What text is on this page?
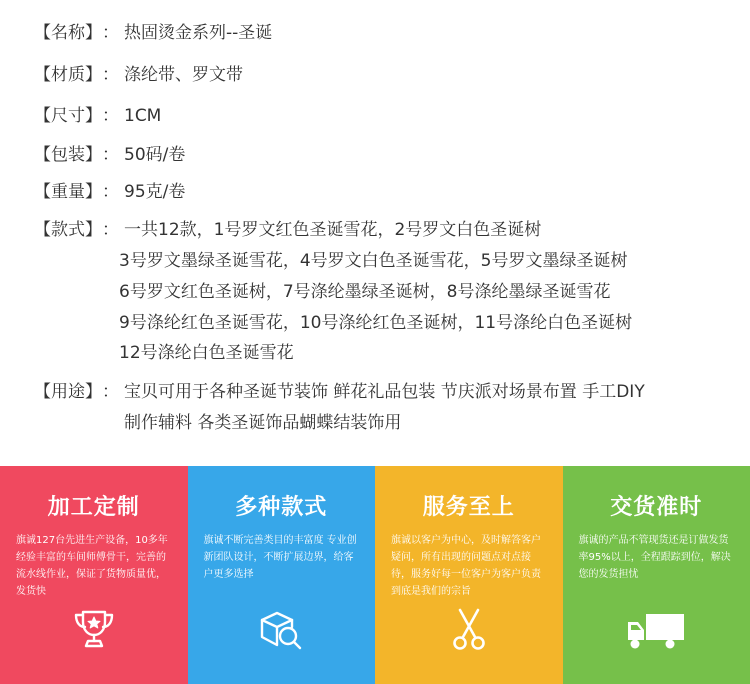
【名称】 ： 热固烫金系列--圣诞
【材质】 ： 涤纶带、罗文带
【尺寸】 ： 1CM
【包装】 ： 50码/卷
【重量】 ： 95克/卷
【款式】 ： 一共12款，1号罗文红色圣诞雪花，2号罗文白色圣诞树
3号罗文墨绿圣诞雪花，4号罗文白色圣诞雪花，5号罗文墨绿圣诞树
6号罗文红色圣诞树，7号涤纶墨绿圣诞树，8号涤纶墨绿圣诞雪花
9号涤纶红色圣诞雪花，10号涤纶红色圣诞树，11号涤纶白色圣诞树
12号涤纶白色圣诞雪花
【用途】 ： 宝贝可用于各种圣诞节装饰 鲜花礼品包装 节庆派对场景布置 手工DIY
制作辅料 各类圣诞饰品蝴蝶结装饰用
加工定制
旗诚127台先进生产设备，10多年经验丰富的车间师傅骨干，完善的流水线作业，保证了货物质量优，发货快
多种款式
旗诚不断完善类目的丰富度 专业创新团队设计，不断扩展边界，给客户更多选择
服务至上
旗诚以客户为中心，及时解答客户疑问，所有出现的问题点对点接待，服务好每一位客户为客户负责到底是我们的宗旨
交货准时
旗诚的产品不管现货还是订做发货率95%以上，全程跟踪到位，解决您的发货担忧
